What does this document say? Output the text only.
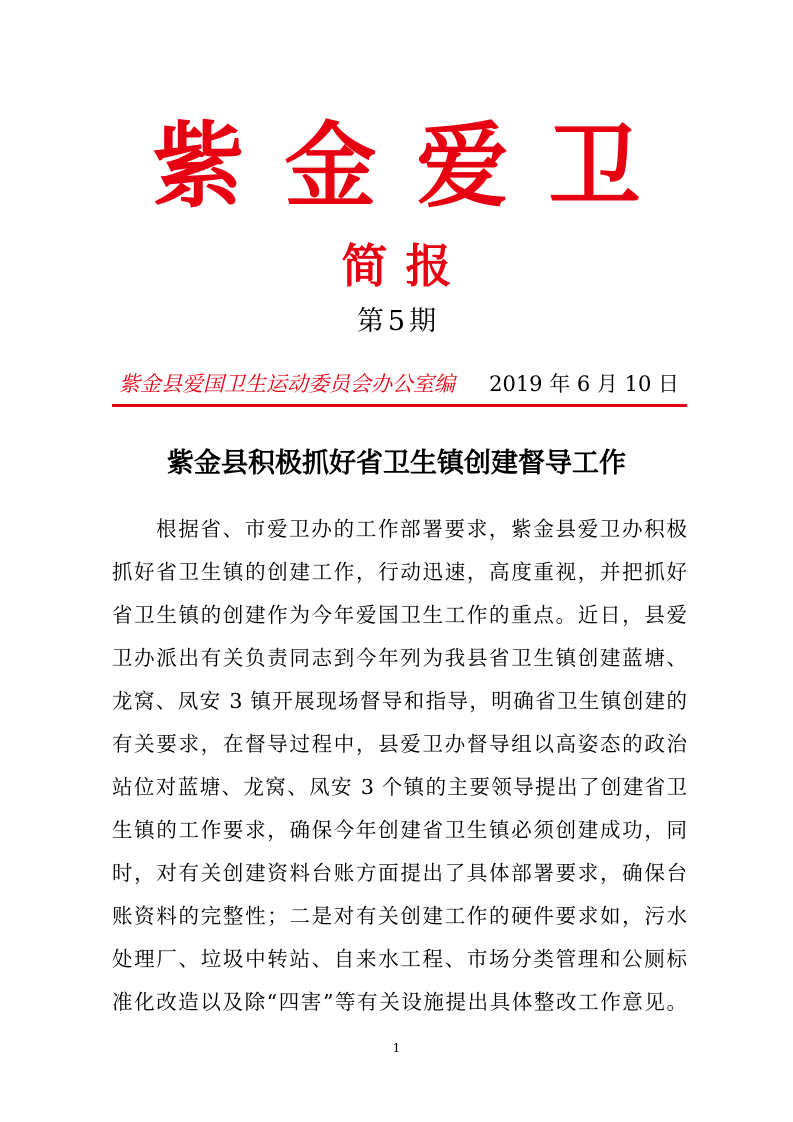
紫金爱卫
简报
第 5 期
紫金县爱国卫生运动委员会办公室编 2019 年 6 月 10 日
紫金县积极抓好省卫生镇创建督导工作
根据省、市爱卫办的工作部署要求，紫金县爱卫办积极
抓好省卫生镇的创建工作，行动迅速，高度重视，并把抓好
省卫生镇的创建作为今年爱国卫生工作的重点。近日，县爱
卫办派出有关负责同志到今年列为我县省卫生镇创建蓝塘、
龙窝、凤安 3 镇开展现场督导和指导，明确省卫生镇创建的
有关要求，在督导过程中，县爱卫办督导组以高姿态的政治
站位对蓝塘、龙窝、凤安 3 个镇的主要领导提出了创建省卫
生镇的工作要求，确保今年创建省卫生镇必须创建成功，同
时，对有关创建资料台账方面提出了具体部署要求，确保台
账资料的完整性；二是对有关创建工作的硬件要求如，污水
处理厂、垃圾中转站、自来水工程、市场分类管理和公厕标
准化改造以及除“四害”等有关设施提出具体整改工作意见。
1
